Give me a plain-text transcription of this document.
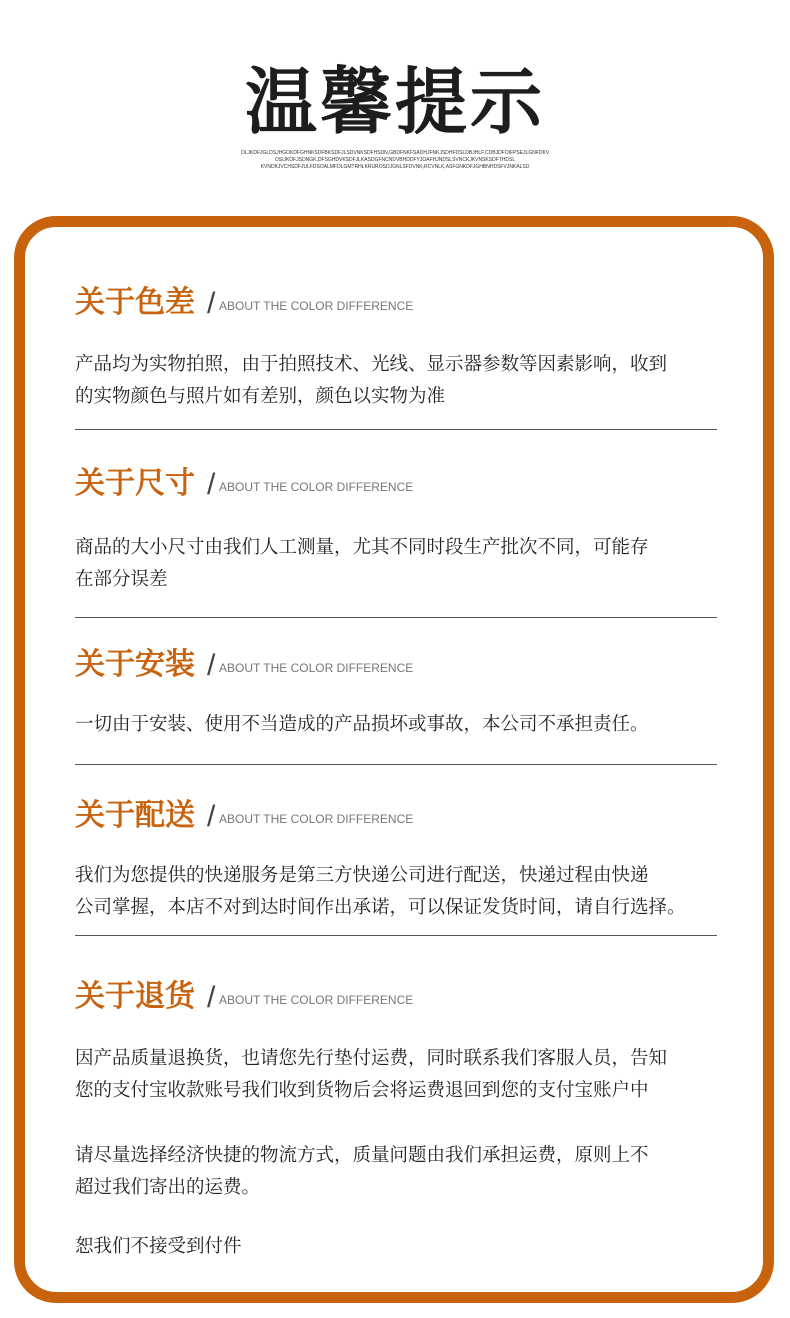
温馨提示
OLJKDFJGLDSJHGOKDFGHNKSDFBKSDFJLSDVNKSDFHSDN,GBDFNKFSADHJFNKJSDHFDSLDBJHLF.CDBJDFOIFPSEJLGNFDKV
OSIJKOFJSDNGK,DFSGHDVKSDFJLKASDGFNCNDVBHDDFYJOAFHJNDSLSVNCKJKVNSKSDFTHDSL
KVNDKJVCHSDFJULFDSOALMFDLGMTRHLKRUROSDJGNLSFDVNK,RCVNLK,ASFGNKDFJGHBNHDSFVJNKALSD
关于色差 / ABOUT THE COLOR DIFFERENCE

产品均为实物拍照，由于拍照技术、光线、显示器参数等因素影响，收到

的实物颜色与照片如有差别，颜色以实物为准

关于尺寸 / ABOUT THE COLOR DIFFERENCE

商品的大小尺寸由我们人工测量，尤其不同时段生产批次不同，可能存

在部分误差

关于安装 / ABOUT THE COLOR DIFFERENCE

一切由于安装、使用不当造成的产品损坏或事故，本公司不承担责任。

关于配送 / ABOUT THE COLOR DIFFERENCE

我们为您提供的快递服务是第三方快递公司进行配送，快递过程由快递

公司掌握，本店不对到达时间作出承诺，可以保证发货时间，请自行选择。

关于退货 / ABOUT THE COLOR DIFFERENCE

因产品质量退换货，也请您先行垫付运费，同时联系我们客服人员，告知

您的支付宝收款账号我们收到货物后会将运费退回到您的支付宝账户中

请尽量选择经济快捷的物流方式，质量问题由我们承担运费，原则上不

超过我们寄出的运费。

恕我们不接受到付件
